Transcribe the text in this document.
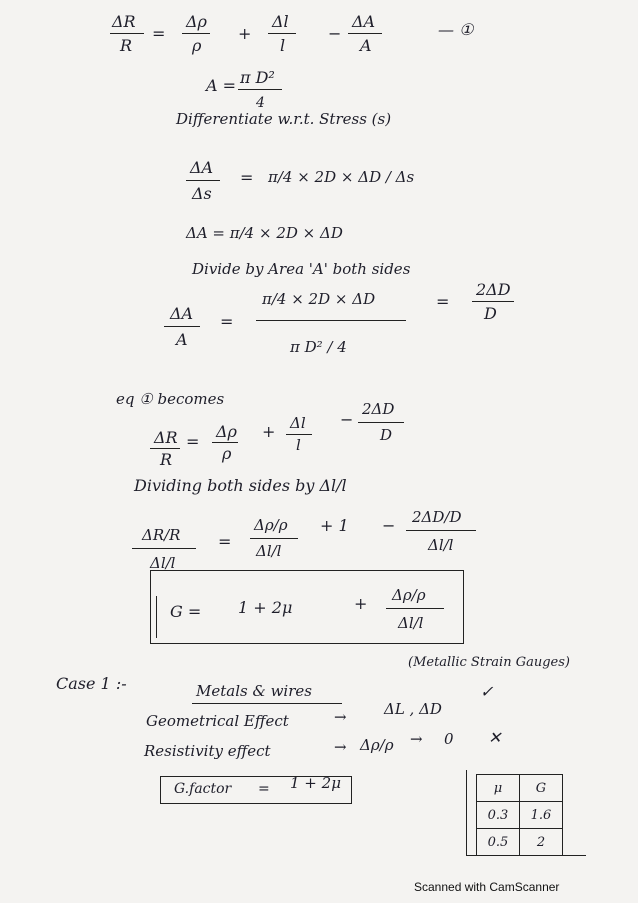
ΔR
R
=
Δρ
ρ
+
Δl
l
−
ΔA
A
— ①
A = π D²
4
Differentiate w.r.t. Stress (s)
ΔA
Δs
= π/4 × 2D × ΔD / Δs
ΔA = π/4 × 2D × ΔD
Divide by Area 'A' both sides
ΔA
A
=
π/4 × 2D × ΔD
π D² / 4
=
2ΔD
D
eq ① becomes
ΔR
R
=
Δρ
ρ
+ Δl
l
−
2ΔD
D
Dividing both sides by Δl/l
ΔR/R
Δl/l
=
Δρ/ρ
Δl/l
+ 1 − 2ΔD/D
Δl/l
G = 1 + 2μ	+ Δρ/ρ
Δl/l
Case 1 :-	Metals & wires
(Metallic Strain Gauges)
✓
Geometrical Effect	→ ΔL , ΔD
Resistivity effect	→ Δρ/ρ → 0 ✕
G.factor = 1 + 2μ	μ	G
0.3	1.6
0.5	2
Scanned with CamScanner
